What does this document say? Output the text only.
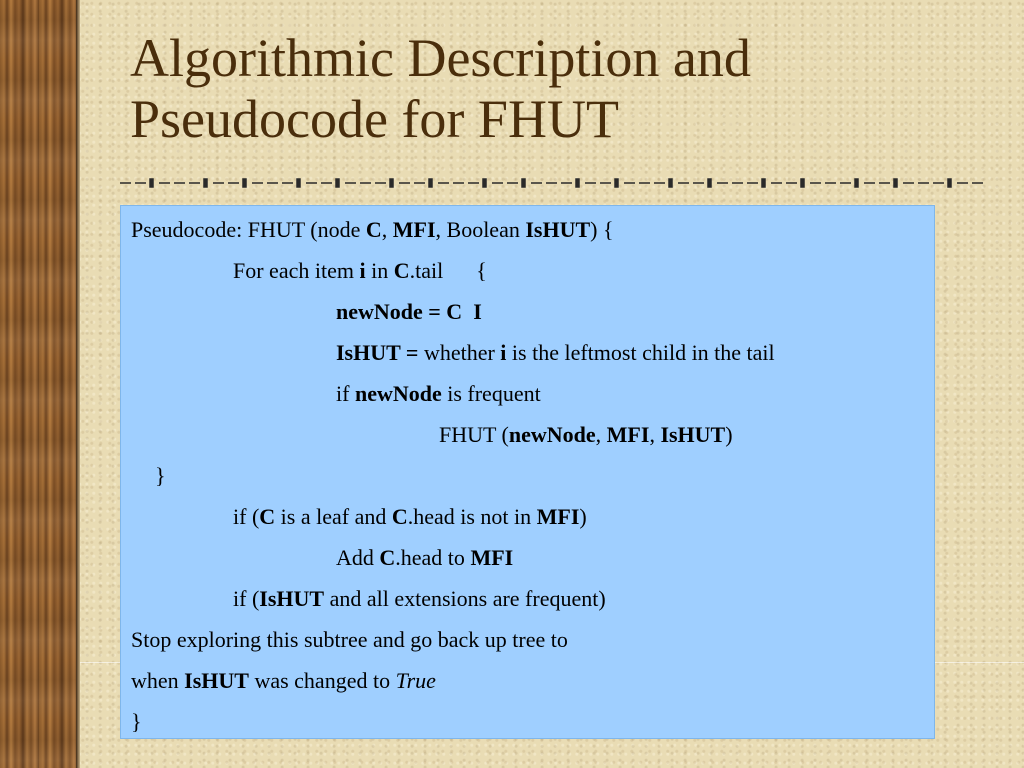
Algorithmic Description and
Pseudocode for FHUT
Pseudocode: FHUT (node C, MFI, Boolean IsHUT) {
For each item i in C.tail      {
newNode = C  I
IsHUT = whether i is the leftmost child in the tail
if newNode is frequent
FHUT (newNode, MFI, IsHUT)
}
if (C is a leaf and C.head is not in MFI)
Add C.head to MFI
if (IsHUT and all extensions are frequent)
Stop exploring this subtree and go back up tree to
when IsHUT was changed to True
}
